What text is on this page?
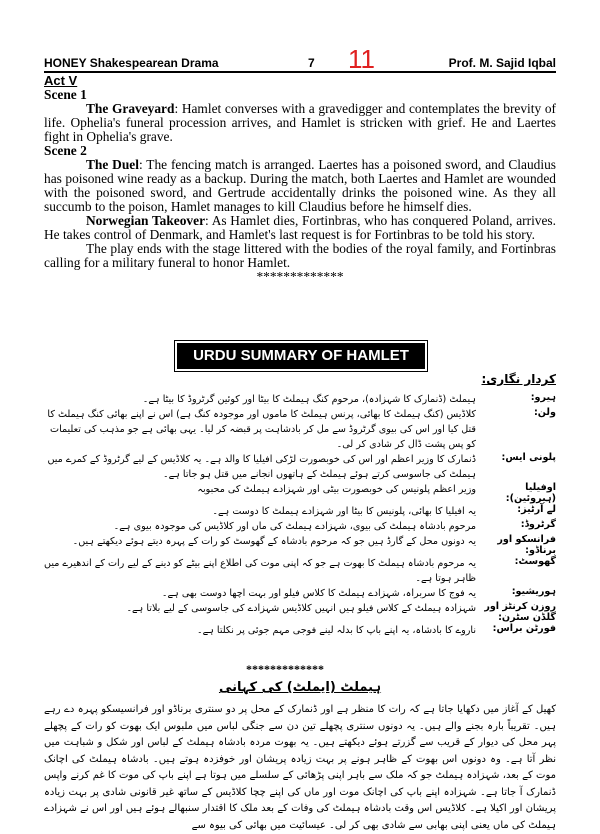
HONEY Shakespearean Drama	7 11	Prof. M. Sajid Iqbal
Act V
Scene 1

The Graveyard: Hamlet converses with a gravedigger and contemplates the brevity of life. Ophelia's funeral procession arrives, and Hamlet is stricken with grief. He and Laertes fight in Ophelia's grave.

Scene 2

The Duel: The fencing match is arranged. Laertes has a poisoned sword, and Claudius has poisoned wine ready as a backup. During the match, both Laertes and Hamlet are wounded with the poisoned sword, and Gertrude accidentally drinks the poisoned wine. As they all succumb to the poison, Hamlet manages to kill Claudius before he himself dies.

Norwegian Takeover: As Hamlet dies, Fortinbras, who has conquered Poland, arrives. He takes control of Denmark, and Hamlet's last request is for Fortinbras to be told his story.

The play ends with the stage littered with the bodies of the royal family, and Fortinbras calling for a military funeral to honor Hamlet.

*************
URDU SUMMARY OF HAMLET
کردار نگاری:
ہیرو:
ہیملٹ (ڈنمارک کا شہزادہ)، مرحوم کنگ ہیملٹ کا بیٹا اور کوئین گرٹروڈ کا بیٹا ہے۔
ولن:
کلاڈیس (کنگ ہیملٹ کا بھائی، پرنس ہیملٹ کا ماموں اور موجودہ کنگ ہے) اس نے اپنے بھائی کنگ ہیملٹ کا قتل کیا اور اس کی بیوی گرٹروڈ سے مل کر بادشاہت پر قبضہ کر لیا۔ یہی بھائی ہے جو مذہب کی تعلیمات کو پس پشت ڈال کر شادی کر لی۔
پلونی ایس:
ڈنمارک کا وزیر اعظم اور اس کی خوبصورت لڑکی افیلیا کا والد ہے۔ یہ کلاڈیس کے لیے گرٹروڈ کے کمرے میں ہیملٹ کی جاسوسی کرتے ہوئے ہیملٹ کے ہاتھوں انجانے میں قتل ہو جاتا ہے۔
اوفیلیا (ہیروئین):
وزیر اعظم پلونیس کی خوبصورت بیٹی اور شہزادے ہیملٹ کی محبوبہ
لے آرٹیز:
یہ افیلیا کا بھائی، پلونیس کا بیٹا اور شہزادے ہیملٹ کا دوست ہے۔
گرٹروڈ:
مرحوم بادشاہ ہیملٹ کی بیوی، شہزادے ہیملٹ کی ماں اور کلاڈیس کی موجودہ بیوی ہے۔
فرانسکو اور برناڈو:
یہ دونوں محل کے گارڈ ہیں جو کہ مرحوم بادشاہ کے گھوسٹ کو رات کے پہرہ دیتے ہوئے دیکھتے ہیں۔
گھوسٹ:
یہ مرحوم بادشاہ ہیملٹ کا بھوت ہے جو کہ اپنی موت کی اطلاع اپنے بیٹے کو دینے کے لیے رات کے اندھیرے میں ظاہر ہوتا ہے۔
ہوریشیو:
یہ فوج کا سربراہ، شہزادے ہیملٹ کا کلاس فیلو اور بہت اچھا دوست بھی ہے۔
روزن کرنٹز اور گلڈن سٹرن:
شہزادہ ہیملٹ کے کلاس فیلو ہیں انہیں کلاڈیس شہزادے کی جاسوسی کے لیے بلاتا ہے۔
فورٹن براس:
ناروے کا بادشاہ، یہ اپنے باپ کا بدلہ لینے فوجی مہم جوئی پر نکلتا ہے۔
*************
ہیملٹ (ایملٹ) کی کہانی
کھیل کے آغاز میں دکھایا جاتا ہے کہ رات کا منظر ہے اور ڈنمارک کے محل پر دو سنتری برناڈو اور فرانسیسکو پہرہ دے رہے ہیں۔ تقریباً بارہ بجنے والے ہیں۔ یہ دونوں سنتری پچھلے تین دن سے جنگی لباس میں ملبوس ایک بھوت کو رات کے پچھلے پہر محل کی دیوار کے قریب سے گزرتے ہوئے دیکھتے ہیں۔ یہ بھوت مردہ بادشاہ ہیملٹ کے لباس اور شکل و شباہت میں نظر آتا ہے۔ وہ دونوں اس بھوت کے ظاہر ہونے پر بہت زیادہ پریشان اور خوفزدہ ہوتے ہیں۔ بادشاہ ہیملٹ کی اچانک موت کے بعد، شہزادہ ہیملٹ جو کہ ملک سے باہر اپنی پڑھائی کے سلسلے میں ہوتا ہے اپنے باپ کی موت کا غم کرنے واپس ڈنمارک آ جاتا ہے۔ شہزادہ اپنے باپ کی اچانک موت اور ماں کی اپنے چچا کلاڈیس کے ساتھ غیر قانونی شادی پر بہت زیادہ پریشان اور اکیلا ہے۔ کلاڈیس اس وقت بادشاہ ہیملٹ کی وفات کے بعد ملک کا اقتدار سنبھالے ہوئے ہیں اور اس نے شہزادے ہیملٹ کی ماں یعنی اپنی بھابی سے شادی بھی کر لی۔ عیسائیت میں بھائی کی بیوہ سے
